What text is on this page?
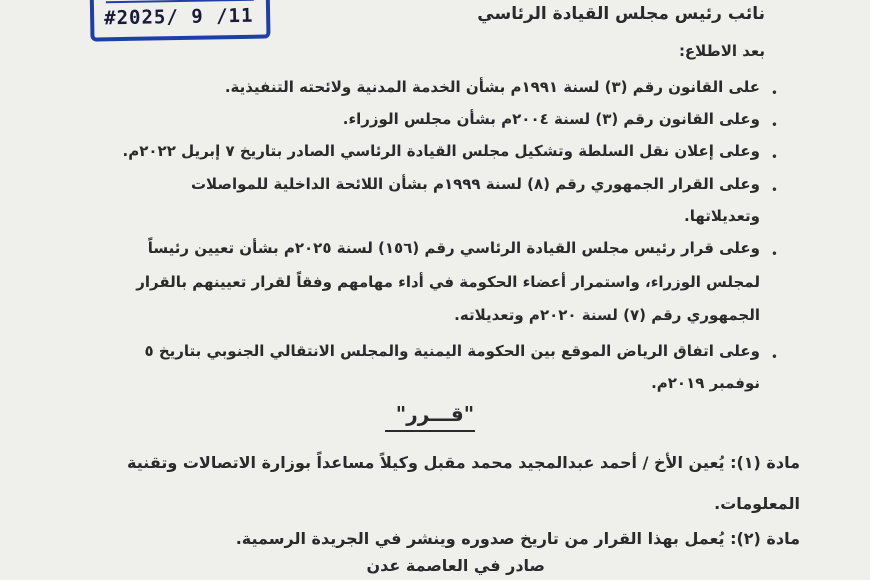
#2025/ 9 /11	نائب رئيس مجلس القيادة الرئاسي
بعد الاطلاع:
•
على القانون رقم (٣) لسنة ١٩٩١م بشأن الخدمة المدنية ولائحته التنفيذية.
•
وعلى القانون رقم (٣) لسنة ٢٠٠٤م بشأن مجلس الوزراء.
•
وعلى إعلان نقل السلطة وتشكيل مجلس القيادة الرئاسي الصادر بتاريخ ٧ إبريل ٢٠٢٢م.
•
وعلى القرار الجمهوري رقم (٨) لسنة ١٩٩٩م بشأن اللائحة الداخلية للمواصلات
وتعديلاتها.
•
وعلى قرار رئيس مجلس القيادة الرئاسي رقم (١٥٦) لسنة ٢٠٢٥م بشأن تعيين رئيساً
لمجلس الوزراء، واستمرار أعضاء الحكومة في أداء مهامهم وفقاً لقرار تعيينهم بالقرار
الجمهوري رقم (٧) لسنة ٢٠٢٠م وتعديلاته.
•
وعلى اتفاق الرياض الموقع بين الحكومة اليمنية والمجلس الانتقالي الجنوبي بتاريخ ٥
نوفمبر ٢٠١٩م.
"قـــرر"
مادة (١): يُعين الأخ / أحمد عبدالمجيد محمد مقبل وكيلاً مساعداً بوزارة الاتصالات وتقنية
المعلومات.
مادة (٢): يُعمل بهذا القرار من تاريخ صدوره وينشر في الجريدة الرسمية.
صادر في العاصمة عدن
